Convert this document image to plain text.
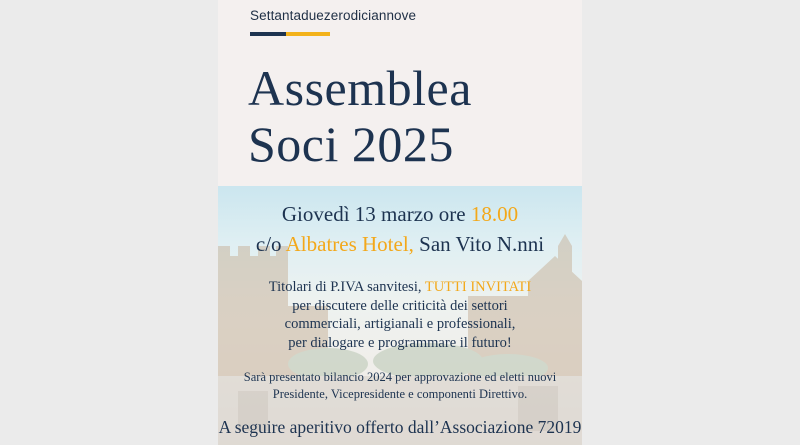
Settantaduezerodiciannove
Assemblea
Soci 2025
Giovedì 13 marzo ore 18.00
c/o Albatres Hotel, San Vito N.nni
Titolari di P.IVA sanvitesi, TUTTI INVITATI
per discutere delle criticità dei settori
commerciali, artigianali e professionali,
per dialogare e programmare il futuro!
Sarà presentato bilancio 2024 per approvazione ed eletti nuovi
Presidente, Vicepresidente e componenti Direttivo.
A seguire aperitivo offerto dall’Associazione 72019
